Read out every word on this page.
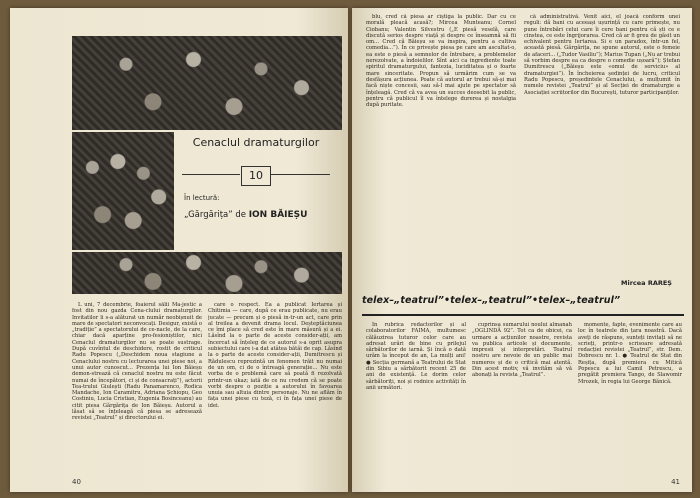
Cenaclul dramaturgilor
10
În lectură:
„Gărgărița” de ION BĂIEȘU

L uni, 7 decembrie, foaierul sălii Ma-jestic a fost din nou gazda Cena-clului dramaturgilor. Invitatilor li s-a alăturat un număr neobișnuit de mare de spectatori neconvocați. Desigur, există o „tradiție” a spectatorului de ce-nacle, de la care, chiar dacă aparține pro-fesioniștilor, nici Cenaclul dramaturgilor nu se poate sustrage. După cuvîntul de deschidere, rostit de criticul Radu Popescu („Deschidem noua stagiune a Cenaclului nostru cu lecturarea unei piese noi, a unui autor cunoscut... Prezența lui Ion Băieșu demon-strează că cenaclul nostru nu este făcut numai de începători, ci și de consacrați”), actorii Tea-trului Giulești (Radu Panamarenco, Rodica Mandache, Ion Caramitru, Adriana Șchiopu, Geo Costiniu, Lucia Cristian, Eugenia Bosinceanu) au citit piesa Gărgărița de Ion Băieșu. Autorul a lăsat să se înțeleagă că piesa se adresează revistei „Teatrul” și directorului ei.

care o respect. Ea a publicat Iertarea și Chitimia — care, după ce erau publicate, nu erau jucate — precum și o piesă in-tr-un act, care prin al treilea a devenit drama locul. Deșteptăciunea ce îmi place să cred este în mare măsură și a ei. Lăsînd la o parte de aceste consider-ații, am încercat să înțeleg de ce autorul s-a oprit asupra subiectului care i-a dat atâtea bătăi de cap. Lăsînd la o parte de aceste consider-ații, Dumitrescu și Rădulescu reprezintă un fenomen trăit nu numai de un om, ci de o întreagă generație... Nu este vorba de o problemă care să poată fi rezolvată printr-un ukaz; iată de ce nu credem că se poate vorbi despre o poziție a autorului în favoarea unuia sau altuia dintre personaje. Nu ne aflăm în fața unei piese cu teză, ci în fața unei piese de idei.

40

blu, cred că piesa ar cîștiga la public. Dar cu ce morală pleacă acasă?; Mircea Munteanu; Cornel Ciobanu; Valentin Silvestru („E piesă veselă, care discută serios despre viață și despre ce înseamnă să fii om... Cred că Băieșu se va inspira, pentru a cultiva comedia...”). În ce privește piesa pe care am ascultat-o, ea este o piesă a semnelor de întrebare, a problemelor nerezolvate, a îndoielilor. Sînt aici ca ingrediente toate spiritul dramaturgului, fantezia, luciditatea și o foarte mare sinceritate. Propun să urmărim cum se va desfășura acțiunea. Poate că autorul ar trebui să-și mai facă niște concesii, sau să-l mai ajute pe spectator să înțeleagă. Cred că va avea un succes deosebit la public, pentru că publicul îl va întelege durerea și nostalgia după puritate.

că administrativă. Venit aici, el joacă conform unei reguli: dă bani cu aceeași ușurință cu care primește, nu pune întrebări celui care îi cere bani pentru că ști ce e cinstea, ce este îngrijorarea. Cred că ar fi greu de găsit un echivalent pentru Iertarea. Si e un paradox, într-un fel, această piesă. Gărgărița, ne spune autorul, este o femeie de afaceri... („Tudor Vasiliu”); Marius Tupan („Nu ar trebui să vorbim despre ea ca despre o comedie ușoară”); Ștefan Dumitrescu („Băieșu este «omul de serviciu» al dramaturgiei”). În încheierea ședinței de lucru, criticul Radu Popescu, președintele Cenaclului, a mulțumit în numele revistei „Teatrul” și al Secției de dramaturgie a Asociației scriitorilor din București, tuturor participanților.

Mircea RAREȘ
telex–„teatrul”•telex–„teatrul”•telex–„teatrul”

În rubrica redactorilor și al colaboratorilor FAIMA, multumesc călăuzirea tuturor celor care au adresat urări de bine cu prilejul sărbătorilor de iarnă. Și încă o dată urăm la început de an, La mulți ani! ● Secția germană a Teatrului de Stat din Sibiu a sărbătorit recent 25 de ani de existență. Le dorim celor sărbătoriți, noi și rodnice activități în anii următori.

cuprinsa sumarului noului almanah „OGLINDĂ 92”. Tot ca de obicei, ca urmare a acțiunilor noastre, revista va publica articole și documente, impresii și interpretări. Teatrul nostru are nevoie de un public mai numeros și de o critică mai atentă. Din acest motiv, vă invităm să vă abonați la revista „Teatrul”.

momente, fapte, evenimente care au loc în teatrele din țara noastră. Dacă aveți de răspuns, sunteți invitați să ne scrieți, printr-o scrisoare adresată redacției revistei „Teatrul”, str. Dem. Dobrescu nr. 1. ● Teatrul de Stat din Reșița, după premiera cu Mitică Popescu a lui Camil Petrescu, a pregătit premiera Tango, de Slawomir Mrozek, în regia lui George Bănică.

41
